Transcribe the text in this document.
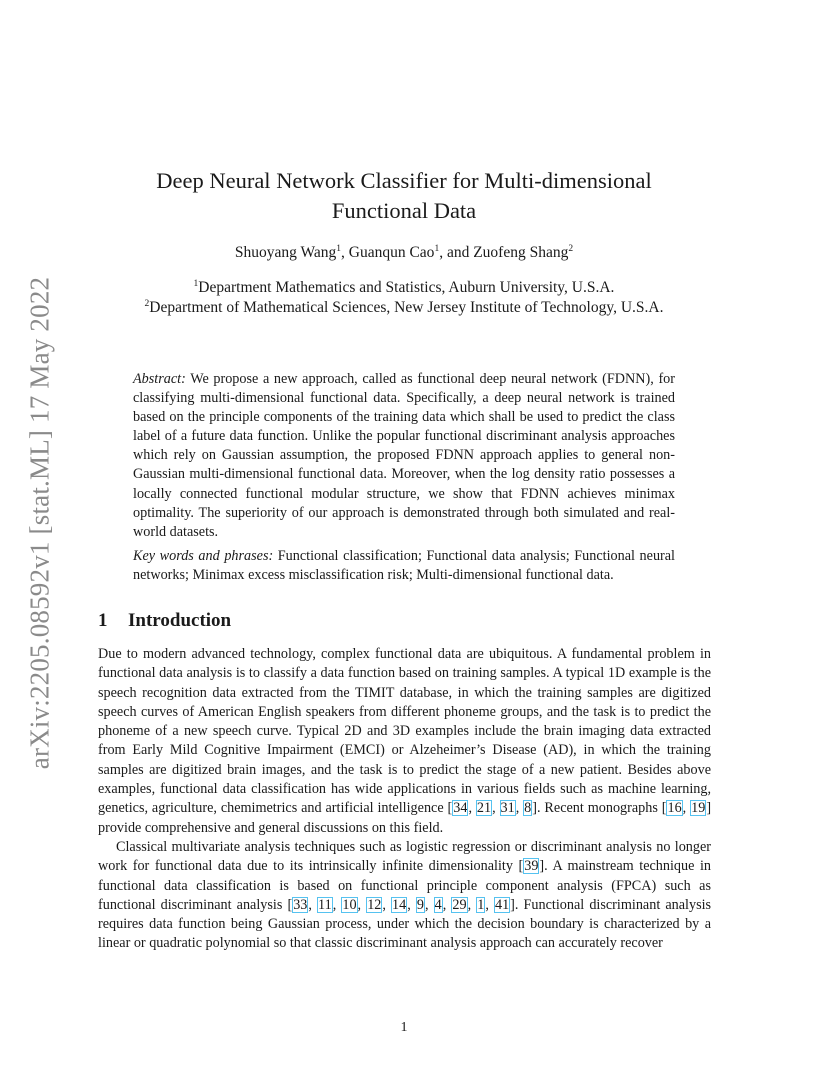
arXiv:2205.08592v1 [stat.ML] 17 May 2022
Deep Neural Network Classifier for Multi-dimensional
Functional Data
Shuoyang Wang$^1$, Guanqun Cao$^1$, and Zuofeng Shang$^2$
$^1$Department Mathematics and Statistics, Auburn University, U.S.A.
$^2$Department of Mathematical Sciences, New Jersey Institute of Technology, U.S.A.

Abstract: We propose a new approach, called as functional deep neural network (FDNN), for classifying multi-dimensional functional data. Specifically, a deep neural network is trained based on the principle components of the training data which shall be used to predict the class label of a future data function. Unlike the popular functional discriminant analysis approaches which rely on Gaussian assumption, the proposed FDNN approach applies to general non-Gaussian multi-dimensional functional data. Moreover, when the log density ratio possesses a locally connected functional modular structure, we show that FDNN achieves minimax optimality. The superiority of our approach is demonstrated through both simulated and real-world datasets.

Key words and phrases: Functional classification; Functional data analysis; Functional neural networks; Minimax excess misclassification risk; Multi-dimensional functional data.

1 Introduction

Due to modern advanced technology, complex functional data are ubiquitous. A fundamental problem in functional data analysis is to classify a data function based on training samples. A typical 1D example is the speech recognition data extracted from the TIMIT database, in which the training samples are digitized speech curves of American English speakers from different phoneme groups, and the task is to predict the phoneme of a new speech curve. Typical 2D and 3D examples include the brain imaging data extracted from Early Mild Cognitive Impairment (EMCI) or Alzeheimer’s Disease (AD), in which the training samples are digitized brain images, and the task is to predict the stage of a new patient. Besides above examples, functional data classification has wide applications in various fields such as machine learning, genetics, agriculture, chemimetrics and artificial intelligence [34, 21, 31, 8]. Recent monographs [16, 19] provide comprehensive and general discussions on this field.

Classical multivariate analysis techniques such as logistic regression or discriminant analysis no longer work for functional data due to its intrinsically infinite dimensionality [39]. A mainstream technique in functional data classification is based on functional principle component analysis (FPCA) such as functional discriminant analysis [33, 11, 10, 12, 14, 9, 4, 29, 1, 41]. Functional discriminant analysis requires data function being Gaussian process, under which the decision boundary is characterized by a linear or quadratic polynomial so that classic discriminant analysis approach can accurately recover

1
